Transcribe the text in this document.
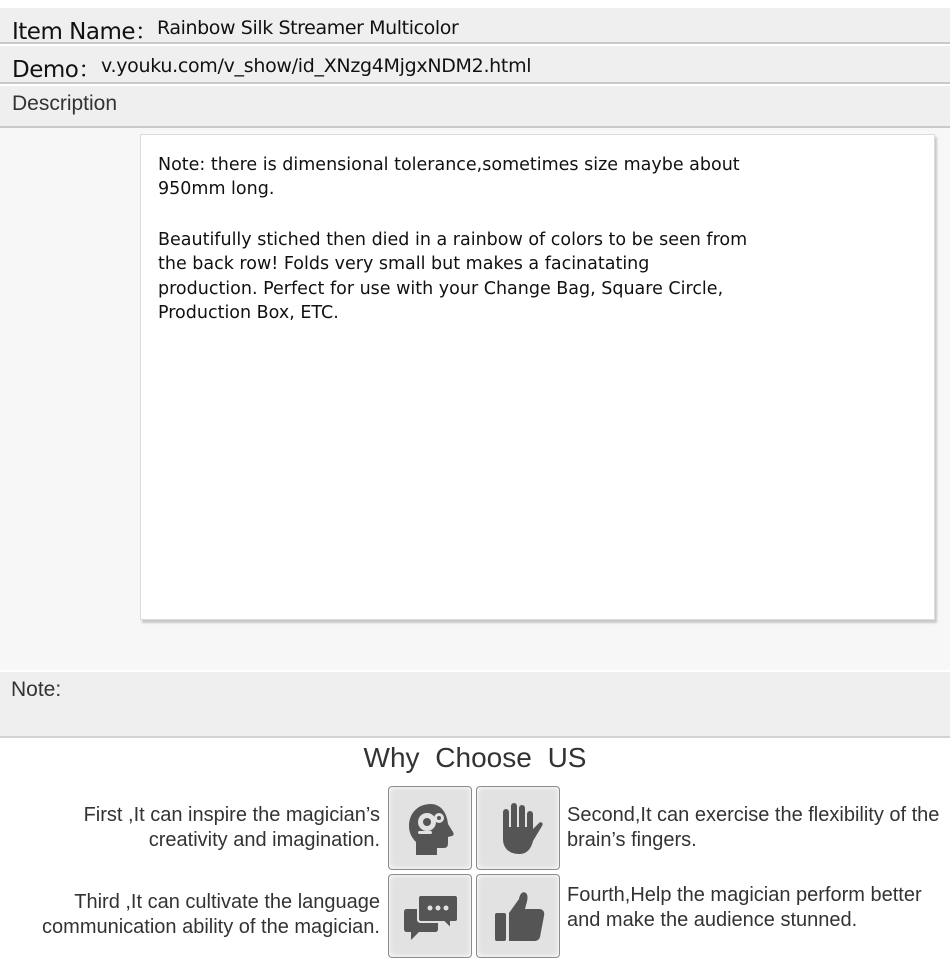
Item Name： Rainbow Silk Streamer Multicolor
Demo： v.youku.com/v_show/id_XNzg4MjgxNDM2.html
Description

Note: there is dimensional tolerance,sometimes size maybe about 950mm long.

Beautifully stiched then died in a rainbow of colors to be seen from the back row! Folds very small but makes a facinatating production. Perfect for use with your Change Bag, Square Circle, Production Box, ETC.

Note:
Why Choose US
First ,It can inspire the magician’s creativity and imagination.
Second,It can exercise the flexibility of the brain’s fingers.
Third ,It can cultivate the language communication ability of the magician.
Fourth,Help the magician perform better and make the audience stunned.
